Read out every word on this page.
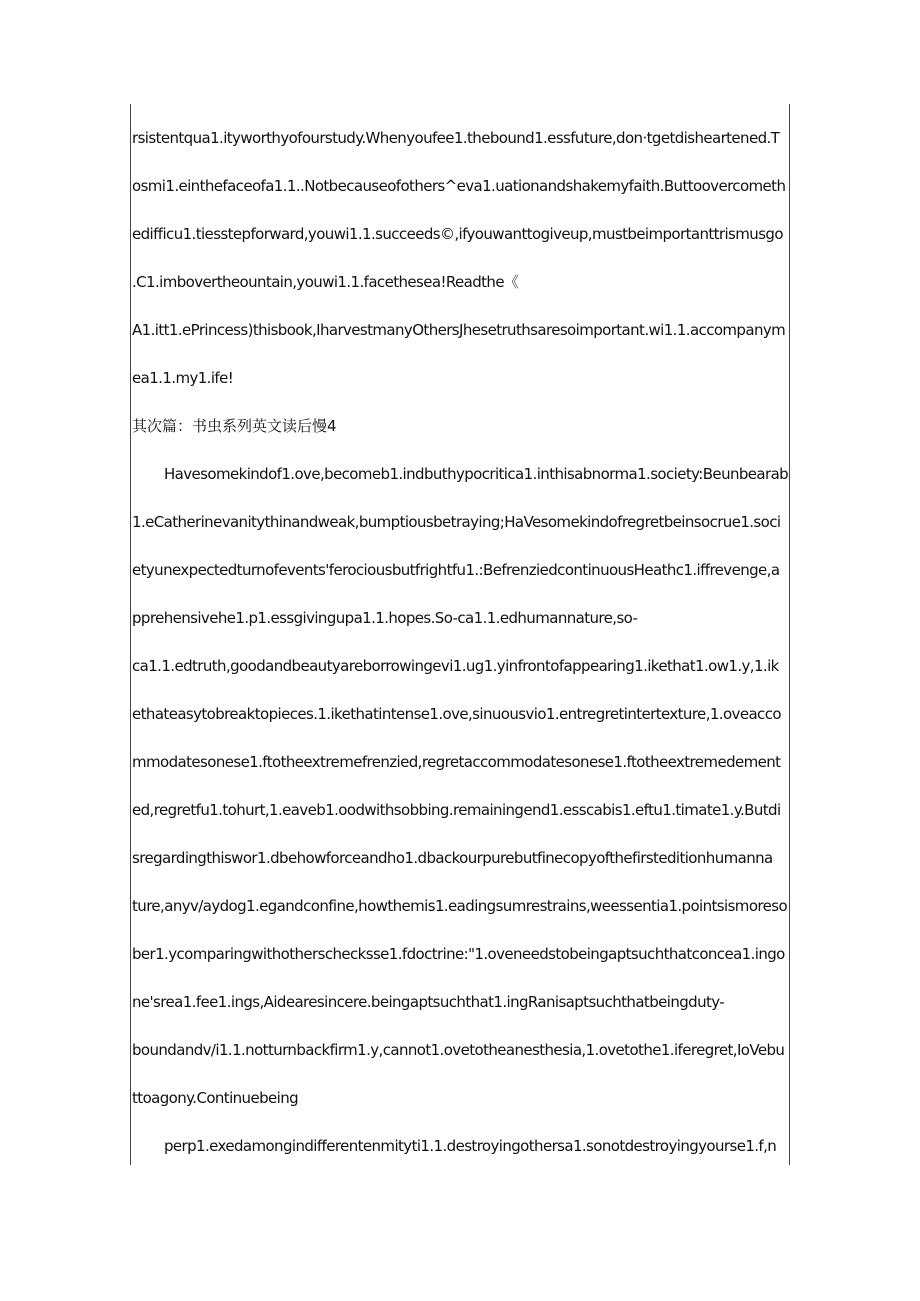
rsistentqua1.ityworthyofourstudy.Whenyoufee1.thebound1.essfuture,don·tgetdisheartened.T
osmi1.einthefaceofa1.1..Notbecauseofothers^eva1.uationandshakemyfaith.Buttoovercometh
edifficu1.tiesstepforward,youwi1.1.succeeds©,ifyouwanttogiveup,mustbeimportanttrismusgo
.C1.imbovertheountain,youwi1.1.facethesea!Readthe《
A1.itt1.ePrincess)thisbook,IharvestmanyOthersJhesetruthsaresoimportant.wi1.1.accompanym
ea1.1.my1.ife!
其次篇：书虫系列英文读后慢4
Havesomekindof1.ove,becomeb1.indbuthypocritica1.inthisabnorma1.society:Beunbearab
1.eCatherinevanitythinandweak,bumptiousbetraying;HaVesomekindofregretbeinsocrue1.soci
etyunexpectedturnofevents'ferociousbutfrightfu1.:BefrenziedcontinuousHeathc1.iffrevenge,a
pprehensivehe1.p1.essgivingupa1.1.hopes.So-ca1.1.edhumannature,so-
ca1.1.edtruth,goodandbeautyareborrowingevi1.ug1.yinfrontofappearing1.ikethat1.ow1.y,1.ik
ethateasytobreaktopieces.1.ikethatintense1.ove,sinuousvio1.entregretintertexture,1.oveacco
mmodatesonese1.ftotheextremefrenzied,regretaccommodatesonese1.ftotheextremedement
ed,regretfu1.tohurt,1.eaveb1.oodwithsobbing.remainingend1.esscabis1.eftu1.timate1.y.Butdi
sregardingthiswor1.dbehowforceandho1.dbackourpurebutfinecopyofthefirsteditionhumanna
ture,anyv/aydog1.egandconfine,howthemis1.eadingsumrestrains,weessentia1.pointsismoreso
ber1.ycomparingwithotherschecksse1.fdoctrine:"1.oveneedstobeingaptsuchthatconcea1.ingo
ne'srea1.fee1.ings,Aidearesincere.beingaptsuchthat1.ingRanisaptsuchthatbeingduty-
boundandv/i1.1.notturnbackfirm1.y,cannot1.ovetotheanesthesia,1.ovetothe1.iferegret,IoVebu
ttoagony.Continuebeing
perp1.exedamongindifferentenmityti1.1.destroyingothersa1.sonotdestroyingyourse1.f,n
